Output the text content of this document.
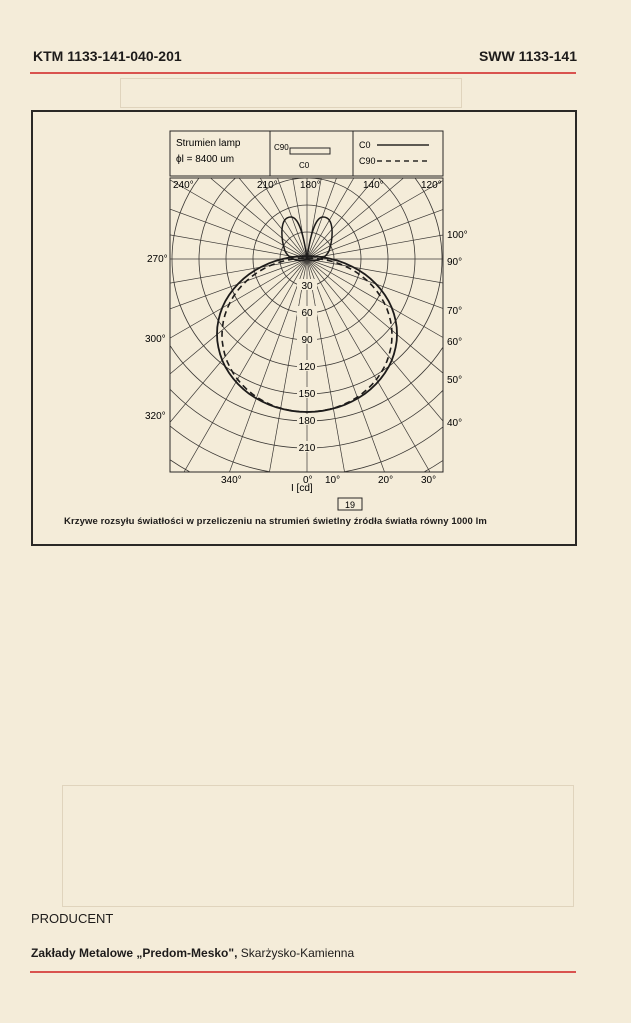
KTM 1133-141-040-201	SWW 1133-141
Strumien lamp
ϕl = 8400 um
C90
C0
C0
C90
30
60
90
120
150
180
210
I [cd]
240°	210° 180°	140°	120°
270°
300°
320°
100°
90°
70°
60°
50°
40°
340°	0° 10°	20°	30°
19
Krzywe rozsyłu światłości w przeliczeniu na strumień świetlny źródła światła równy 1000 lm
PRODUCENT
Zakłady Metalowe „Predom-Mesko", Skarżysko-Kamienna
